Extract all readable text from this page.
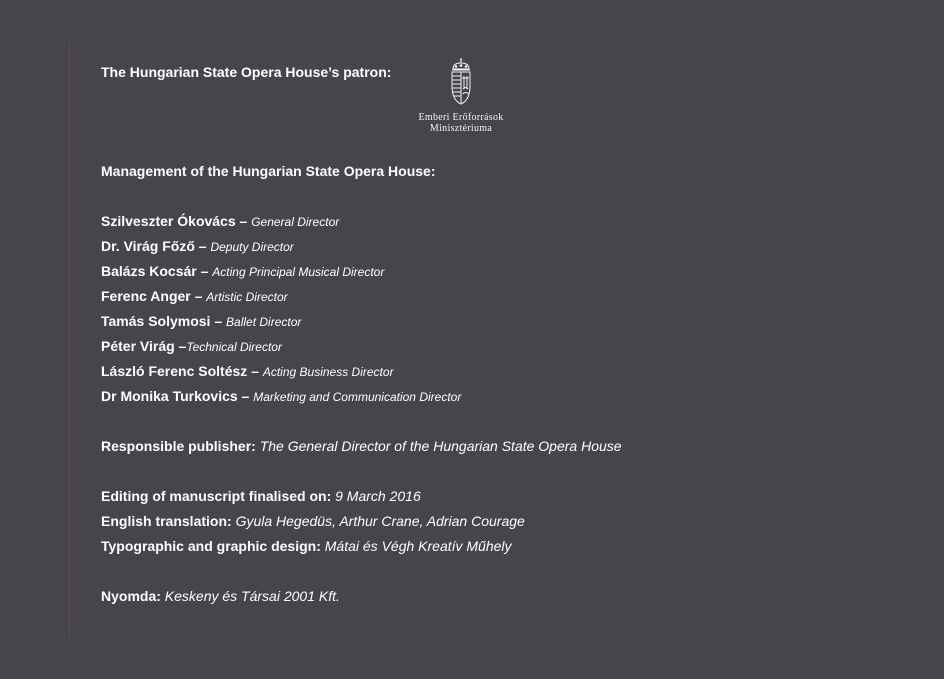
The Hungarian State Opera House’s patron:
Emberi Erőforrások
Minisztériuma
Management of the Hungarian State Opera House:
Szilveszter Ókovács – General Director
Dr. Virág Főző – Deputy Director
Balázs Kocsár – Acting Principal Musical Director
Ferenc Anger – Artistic Director
Tamás Solymosi – Ballet Director
Péter Virág –Technical Director
László Ferenc Soltész – Acting Business Director
Dr Monika Turkovics – Marketing and Communication Director
Responsible publisher: The General Director of the Hungarian State Opera House
Editing of manuscript finalised on: 9 March 2016
English translation: Gyula Hegedüs, Arthur Crane, Adrian Courage
Typographic and graphic design: Mátai és Végh Kreatív Műhely
Nyomda: Keskeny és Társai 2001 Kft.
